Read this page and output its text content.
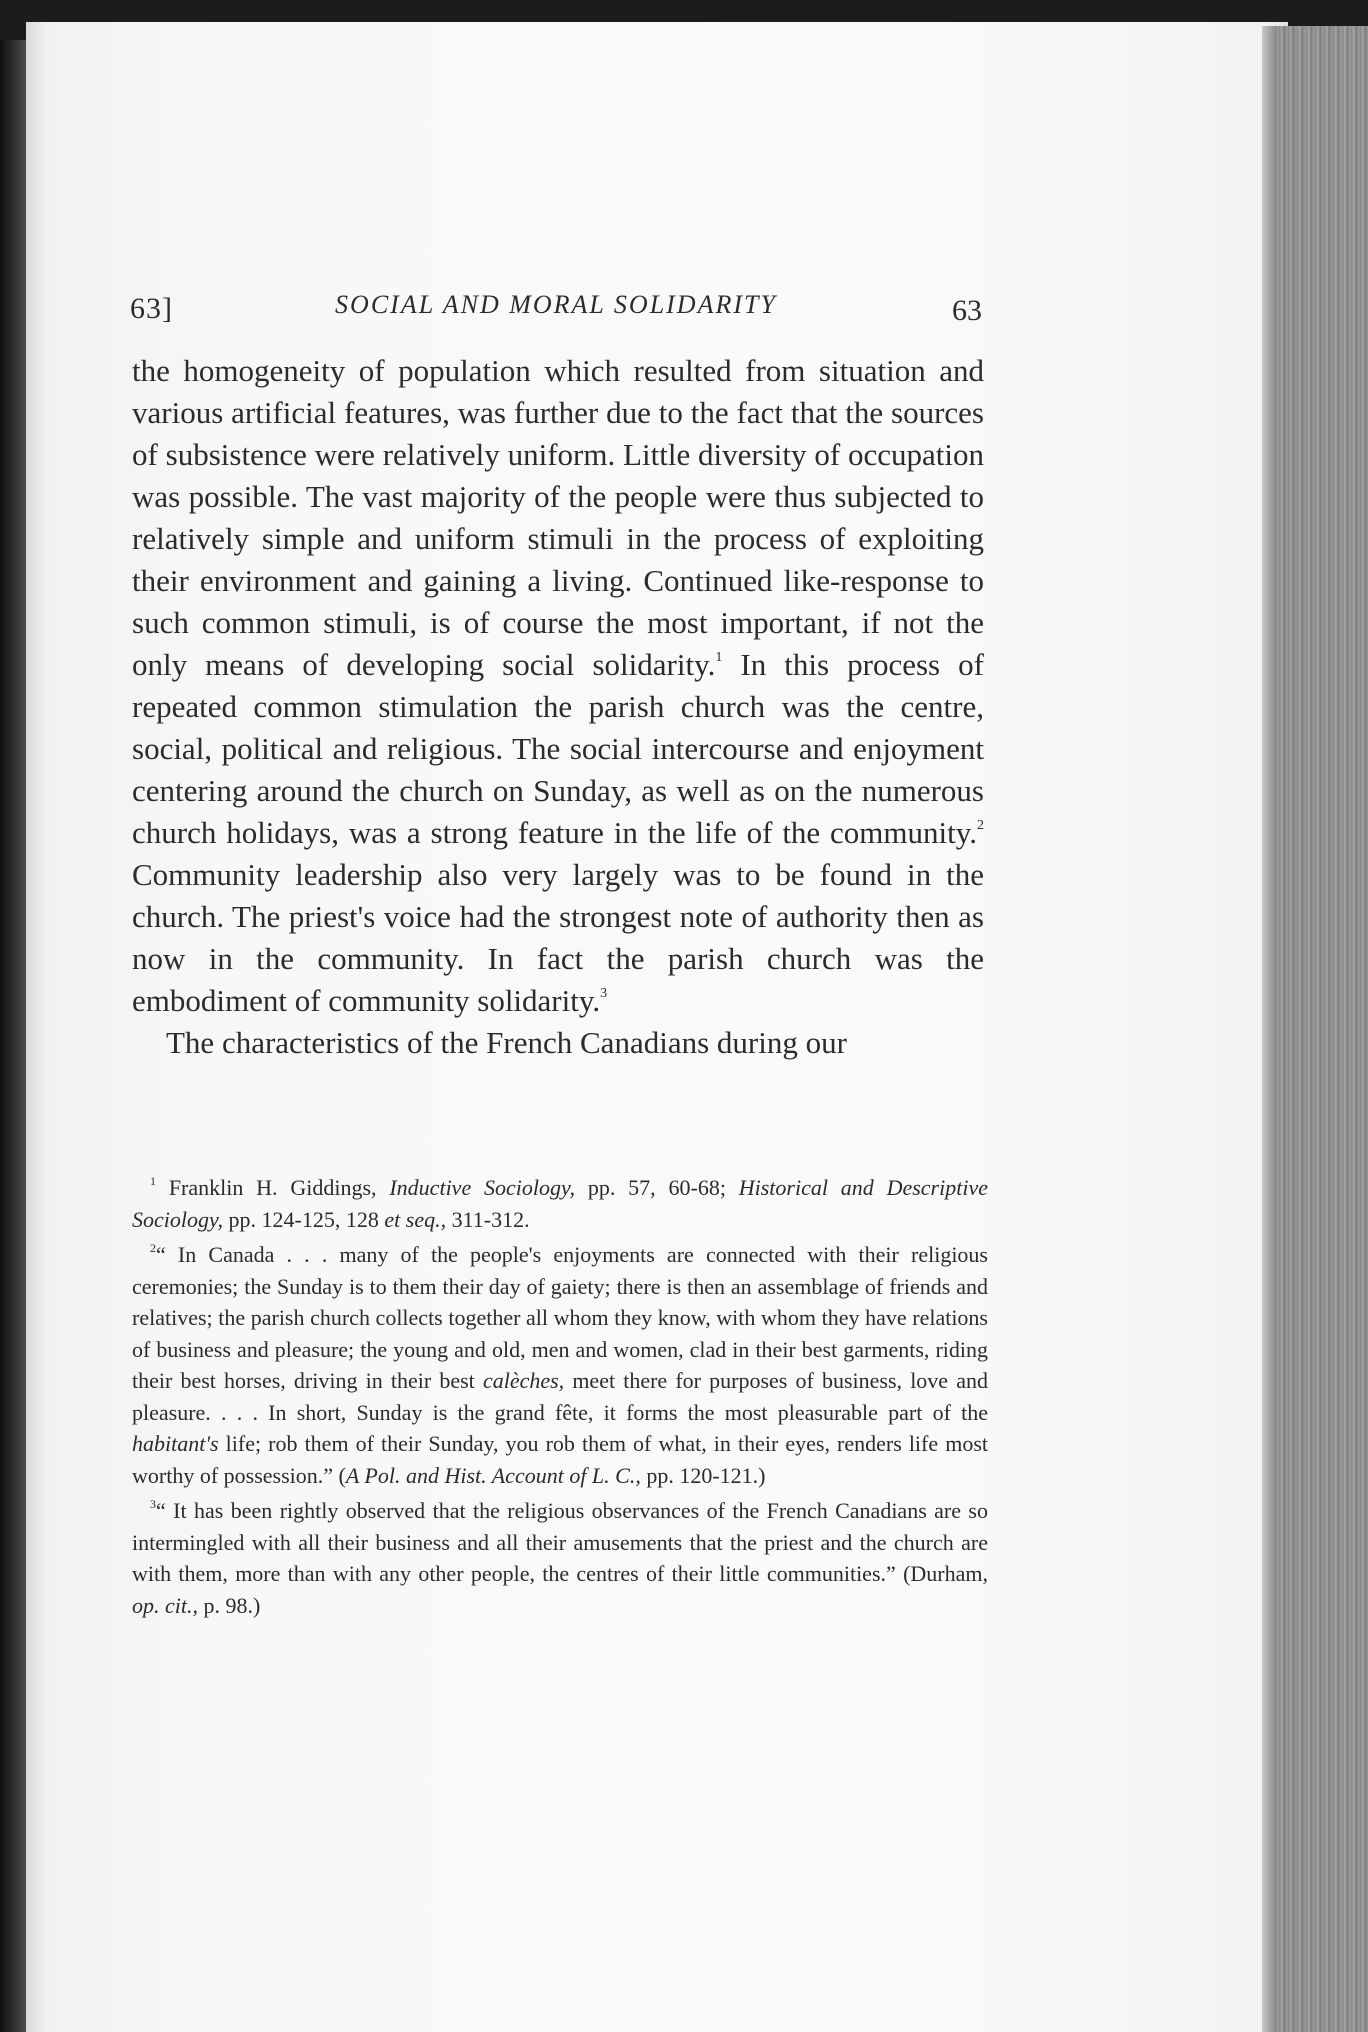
63]	SOCIAL AND MORAL SOLIDARITY	63

the homogeneity of population which resulted from situation and various artificial features, was further due to the fact that the sources of subsistence were relatively uniform. Little diversity of occupation was possible. The vast majority of the people were thus subjected to relatively simple and uniform stimuli in the process of exploiting their environment and gaining a living. Continued like-response to such common stimuli, is of course the most important, if not the only means of developing social solidarity.$^1$ In this process of repeated common stimulation the parish church was the centre, social, political and religious. The social intercourse and enjoyment centering around the church on Sunday, as well as on the numerous church holidays, was a strong feature in the life of the community.$^2$ Community leadership also very largely was to be found in the church. The priest's voice had the strongest note of authority then as now in the community. In fact the parish church was the embodiment of community solidarity.$^3$

The characteristics of the French Canadians during our

$^1$ Franklin H. Giddings, Inductive Sociology, pp. 57, 60-68; Historical and Descriptive Sociology, pp. 124-125, 128 et seq., 311-312.

$^2$“ In Canada . . . many of the people's enjoyments are connected with their religious ceremonies; the Sunday is to them their day of gaiety; there is then an assemblage of friends and relatives; the parish church collects together all whom they know, with whom they have relations of business and pleasure; the young and old, men and women, clad in their best garments, riding their best horses, driving in their best calèches, meet there for purposes of business, love and pleasure. . . . In short, Sunday is the grand fête, it forms the most pleasurable part of the habitant's life; rob them of their Sunday, you rob them of what, in their eyes, renders life most worthy of possession.” (A Pol. and Hist. Account of L. C., pp. 120-121.)

$^3$“ It has been rightly observed that the religious observances of the French Canadians are so intermingled with all their business and all their amusements that the priest and the church are with them, more than with any other people, the centres of their little communities.” (Durham, op. cit., p. 98.)
